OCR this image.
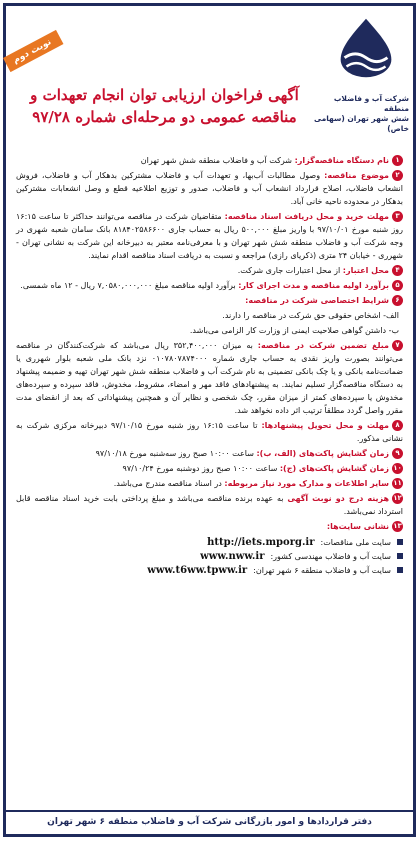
شرکت آب و فاضلاب منطقه
شش شهر تهران (سهامی خاص)
نوبت دوم
آگهی فراخوان ارزیابی توان انجام تعهدات و
مناقصه عمومی دو مرحله‌ای شماره ۹۷/۲۸
۱نام دستگاه مناقصه‌گزار: شرکت آب و فاضلاب منطقه شش شهر تهران
۲موضوع مناقصه: وصول مطالبات آب‌بها، و تعهدات آب و فاضلاب مشترکین بدهکار آب و فاضلاب، فروش انشعاب فاضلاب، اصلاح قرارداد انشعاب آب و فاضلاب، صدور و توزیع اطلاعیه قطع و وصل انشعابات مشترکین بدهکار در محدوده ناحیه خانی آباد.
۳مهلت خرید و محل دریافت اسناد مناقصه: متقاضیان شرکت در مناقصه می‌توانند حداکثر تا ساعت ۱۶:۱۵ روز شنبه مورخ ۹۷/۱۰/۰۱ با واریز مبلغ ۵۰۰,۰۰۰ ریال به حساب جاری ۸۱۸۴۰۲۵۸۶۶۰۰ بانک سامان شعبه شهری در وجه شرکت آب و فاضلاب منطقه شش شهر تهران و با معرفی‌نامه معتبر به دبیرخانه این شرکت به نشانی تهران - شهرری - خیابان ۲۴ متری (ذکریای رازی) مراجعه و نسبت به دریافت اسناد مناقصه اقدام نمایند.
۴محل اعتبار: از محل اعتبارات جاری شرکت.
۵برآورد اولیه مناقصه و مدت اجرای کار: برآورد اولیه مناقصه مبلغ ۷,۰۵۸۰,۰۰۰,۰۰۰ ریال - ۱۲ ماه شمسی.
۶شرایط اختصاصی شرکت در مناقصه:
الف- اشخاص حقوقی حق شرکت در مناقصه را دارند.
ب- داشتن گواهی صلاحیت ایمنی از وزارت کار الزامی می‌باشد.
۷مبلغ تضمین شرکت در مناقصه: به میزان ۳۵۲,۴۰۰,۰۰۰ ریال می‌باشد که شرکت‌کنندگان در مناقصه می‌توانند بصورت واریز نقدی به حساب جاری شماره ۰۱۰۷۸۰۷۸۷۴۰۰۰ نزد بانک ملی شعبه بلوار شهرری یا ضمانت‌نامه بانکی و یا چک بانکی تضمینی به نام شرکت آب و فاضلاب منطقه شش شهر تهران تهیه و ضمیمه پیشنهاد به دستگاه مناقصه‌گزار تسلیم نمایند. به پیشنهادهای فاقد مهر و امضاء، مشروط، مخدوش، فاقد سپرده و سپرده‌های مخدوش یا سپرده‌های کمتر از میزان مقرر، چک شخصی و نظایر آن و همچنین پیشنهاداتی که بعد از انقضای مدت مقرر واصل گردد مطلقاً ترتیب اثر داده نخواهد شد.
۸مهلت و محل تحویل پیشنهادها: تا ساعت ۱۶:۱۵ روز شنبه مورخ ۹۷/۱۰/۱۵ دبیرخانه مرکزی شرکت به نشانی مذکور.
۹زمان گشایش پاکت‌های (الف، ب): ساعت ۱۰:۰۰ صبح روز سه‌شنبه مورخ ۹۷/۱۰/۱۸
۱۰زمان گشایش پاکت‌های (ج): ساعت ۱۰:۰۰ صبح روز دوشنبه مورخ ۹۷/۱۰/۲۴
۱۱سایر اطلاعات و مدارک مورد نیاز مربوطه: در اسناد مناقصه مندرج می‌باشد.
۱۲هزینه درج دو نوبت آگهی به عهده برنده مناقصه می‌باشد و مبلغ پرداختی بابت خرید اسناد مناقصه قابل استرداد نمی‌باشد.
۱۳نشانی سایت‌ها:
سایت ملی مناقصات:
http://iets.mporg.ir
سایت آب و فاضلاب مهندسی کشور:
www.nww.ir
سایت آب و فاضلاب منطقه ۶ شهر تهران:
www.t6ww.tpww.ir
دفتر قراردادها و امور بازرگانی شرکت آب و فاضلاب منطقه ۶ شهر تهران
